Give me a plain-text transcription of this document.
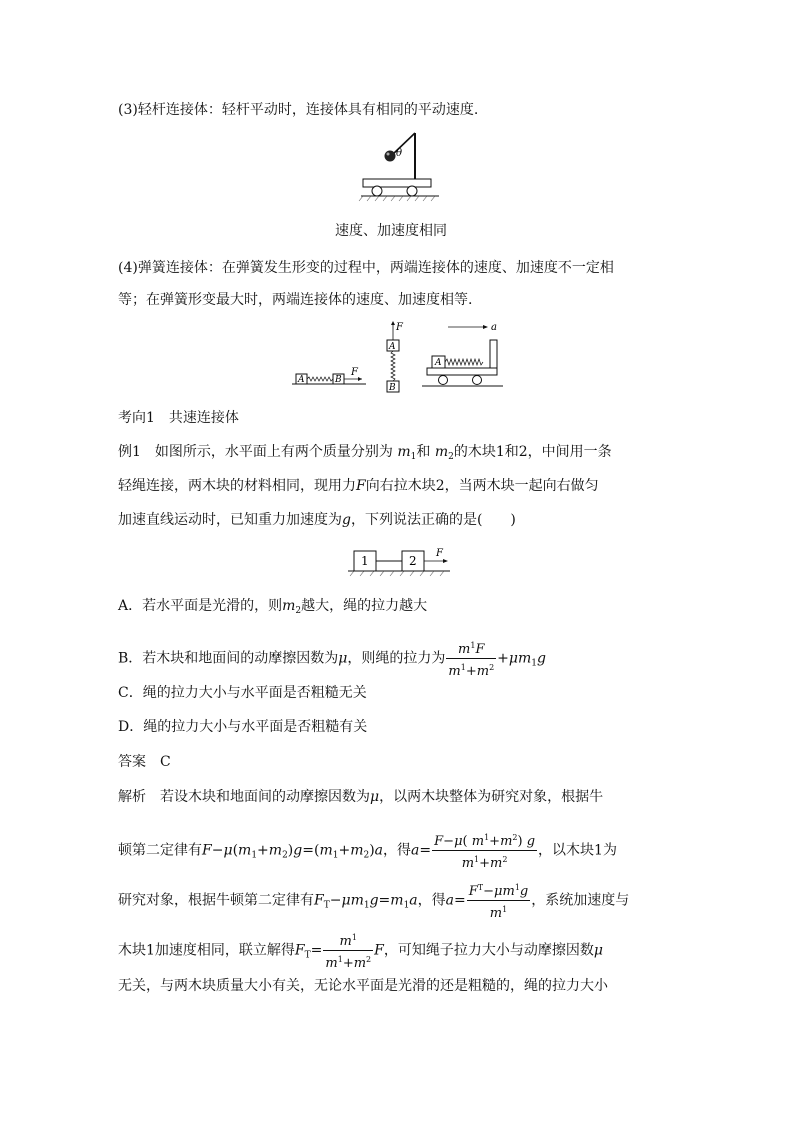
(3)轻杆连接体：轻杆平动时，连接体具有相同的平动速度.
θ
速度、加速度相同
(4)弹簧连接体：在弹簧发生形变的过程中，两端连接体的速度、加速度不一定相
等；在弹簧形变最大时，两端连接体的速度、加速度相等.
A	B
F
F
A
B
a
A
考向1　共速连接体
例1　如图所示，水平面上有两个质量分别为 $m_1$和 $m_2$的木块1和2，中间用一条
轻绳连接，两木块的材料相同，现用力F向右拉木块2，当两木块一起向右做匀
加速直线运动时，已知重力加速度为g，下列说法正确的是(　　)
1	2
F
A．若水平面是光滑的，则$m_2$越大，绳的拉力越大
B．若木块和地面间的动摩擦因数为μ，则绳的拉力为 $\frac{m^1F}{m^1+m^2} +\mu m_1g$
C．绳的拉力大小与水平面是否粗糙无关
D．绳的拉力大小与水平面是否粗糙有关
答案　C
解析　若设木块和地面间的动摩擦因数为μ，以两木块整体为研究对象，根据牛
顿第二定律有$F-\mu(m_1+m_2)g=(m_1+m_2)a$，得$a= \frac{F-\mu( m^1+m^2) g}{m^1+m^2}$ ，以木块1为
研究对象，根据牛顿第二定律有$F_T-\mu m_1g=m_1a$，得$a= \frac{F^T-\mu m^1g}{m^1}$ ，系统加速度与
木块1加速度相同，联立解得$F_T= \frac{m^1}{m^1+m^2}$ F，可知绳子拉力大小与动摩擦因数μ
无关，与两木块质量大小有关，无论水平面是光滑的还是粗糙的，绳的拉力大小
